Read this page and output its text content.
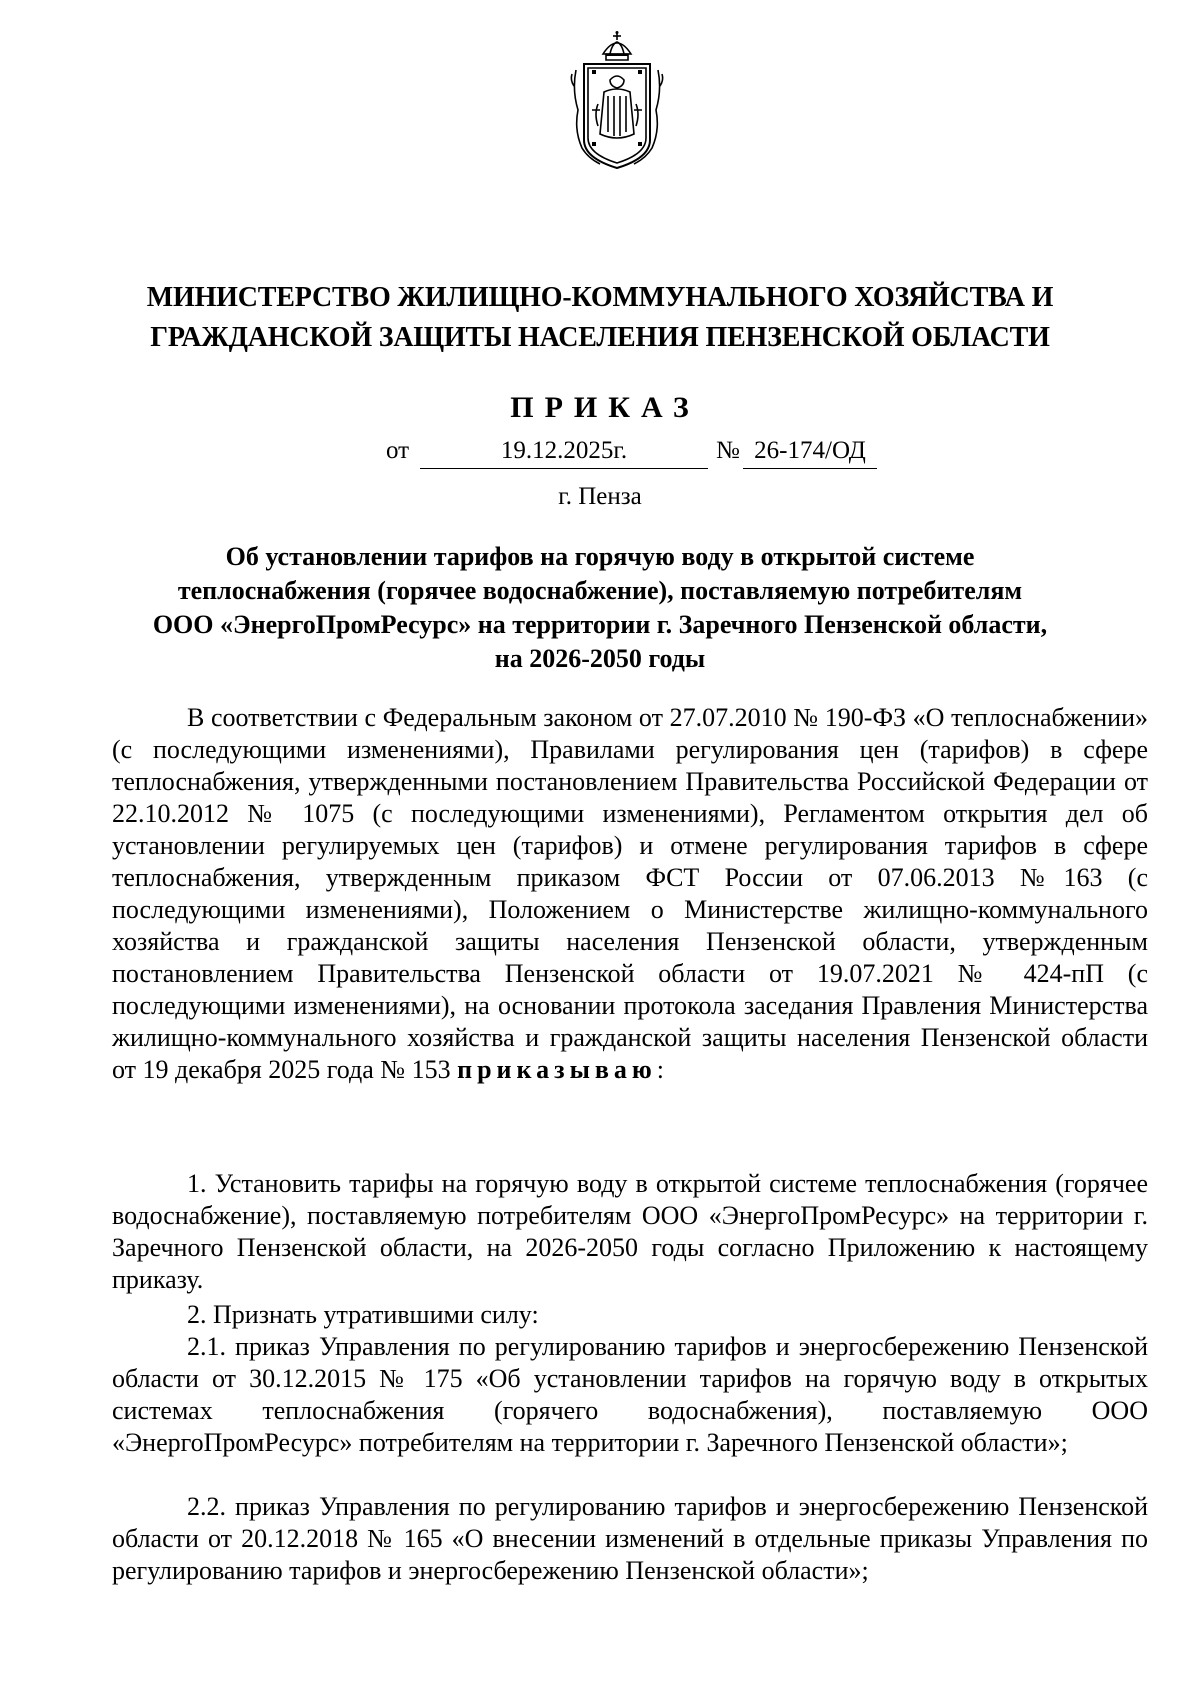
МИНИСТЕРСТВО ЖИЛИЩНО-КОММУНАЛЬНОГО ХОЗЯЙСТВА И
ГРАЖДАНСКОЙ ЗАЩИТЫ НАСЕЛЕНИЯ ПЕНЗЕНСКОЙ ОБЛАСТИ
ПРИКАЗ
от	19.12.2025г.	№ 26-174/ОД
г. Пенза
Об установлении тарифов на горячую воду в открытой системе
теплоснабжения (горячее водоснабжение), поставляемую потребителям
ООО «ЭнергоПромРесурс» на территории г. Заречного Пензенской области,
на 2026-2050 годы

В соответствии с Федеральным законом от 27.07.2010 № 190-ФЗ «О теплоснабжении» (с последующими изменениями), Правилами регулирования цен (тарифов) в сфере теплоснабжения, утвержденными постановлением Правительства Российской Федерации от 22.10.2012 № 1075 (с последующими изменениями), Регламентом открытия дел об установлении регулируемых цен (тарифов) и отмене регулирования тарифов в сфере теплоснабжения, утвержденным приказом ФСТ России от 07.06.2013 №163 (с последующими изменениями), Положением о Министерстве жилищно-коммунального хозяйства и гражданской защиты населения Пензенской области, утвержденным постановлением Правительства Пензенской области от 19.07.2021 № 424-пП (с последующими изменениями), на основании протокола заседания Правления Министерства жилищно-коммунального хозяйства и гражданской защиты населения Пензенской области от 19 декабря 2025 года № 153 приказываю:

1. Установить тарифы на горячую воду в открытой системе теплоснабжения (горячее водоснабжение), поставляемую потребителям ООО «ЭнергоПромРесурс» на территории г. Заречного Пензенской области, на 2026-2050 годы согласно Приложению к настоящему приказу.

2. Признать утратившими силу:

2.1. приказ Управления по регулированию тарифов и энергосбережению Пензенской области от 30.12.2015 № 175 «Об установлении тарифов на горячую воду в открытых системах теплоснабжения (горячего водоснабжения), поставляемую ООО «ЭнергоПромРесурс» потребителям на территории г. Заречного Пензенской области»;

2.2. приказ Управления по регулированию тарифов и энергосбережению Пензенской области от 20.12.2018 № 165 «О внесении изменений в отдельные приказы Управления по регулированию тарифов и энергосбережению Пензенской области»;
